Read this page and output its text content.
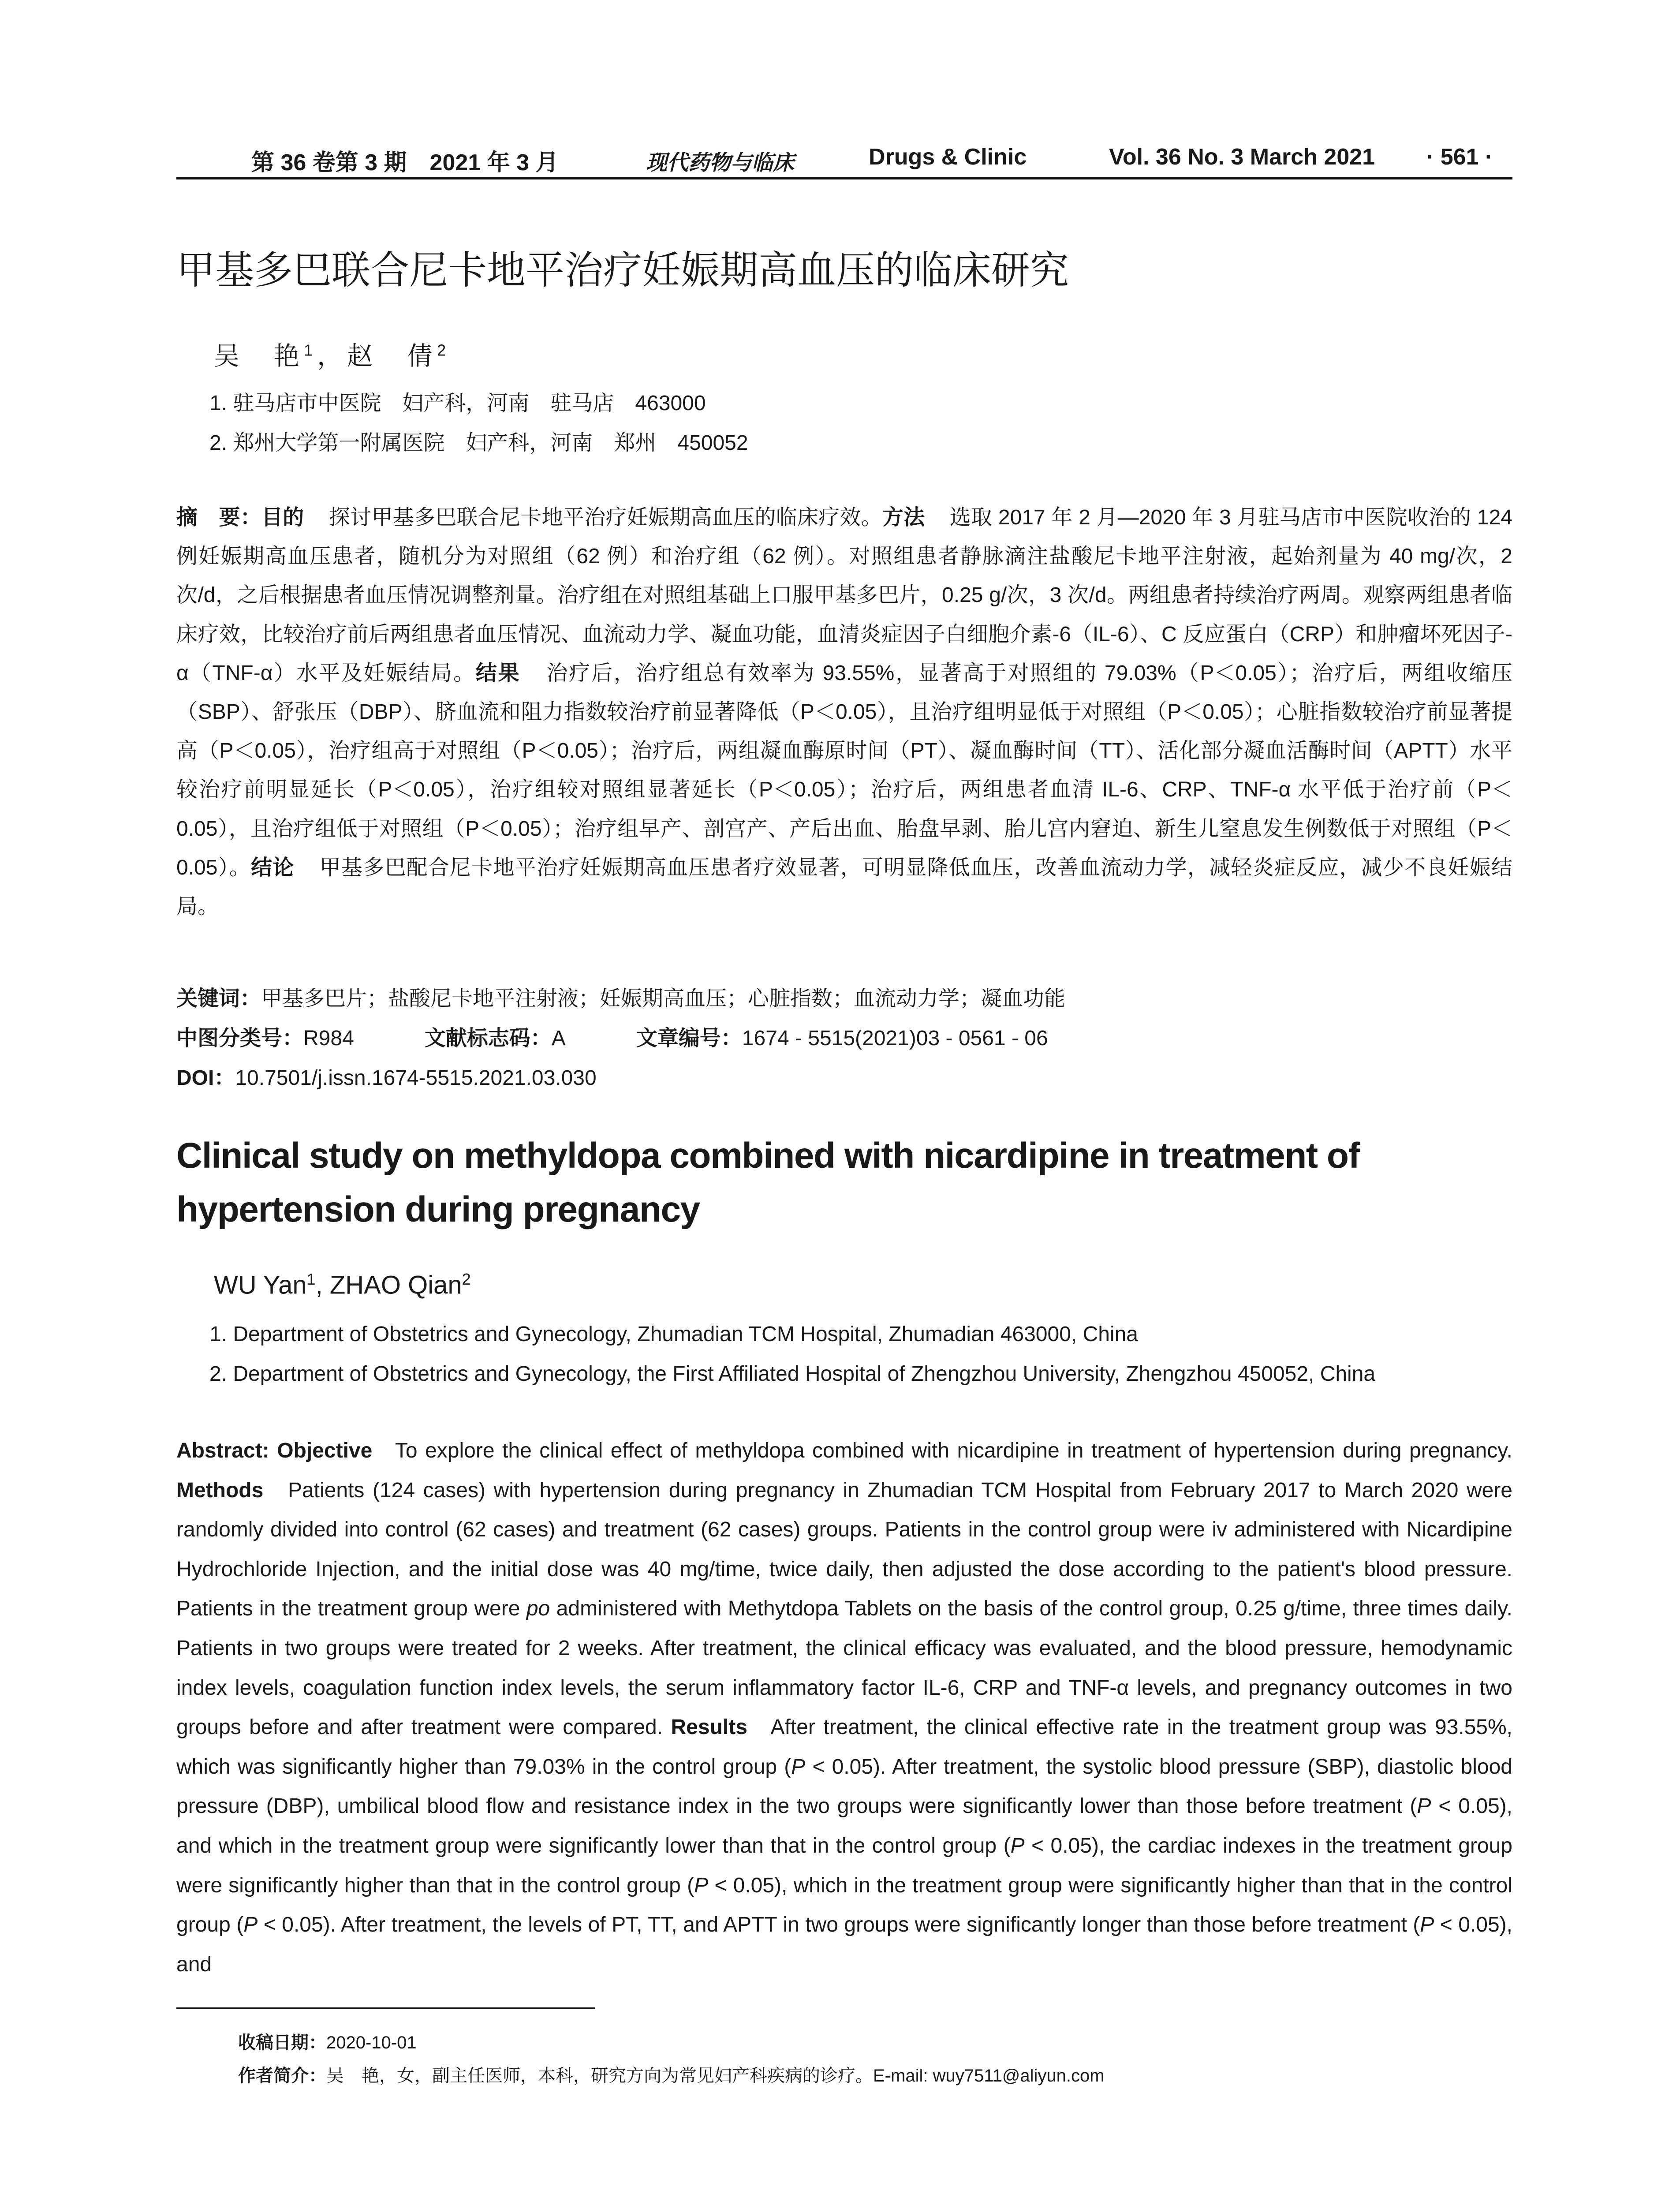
第 36 卷第 3 期　2021 年 3 月	现代药物与临床	Drugs & Clinic	Vol. 36 No. 3 March 2021 · 561 ·
甲基多巴联合尼卡地平治疗妊娠期高血压的临床研究
吴　艳$^1$，赵　倩$^2$
1. 驻马店市中医院　妇产科，河南　驻马店　463000
2. 郑州大学第一附属医院　妇产科，河南　郑州　450052

摘　要：目的 探讨甲基多巴联合尼卡地平治疗妊娠期高血压的临床疗效。方法 选取 2017 年 2 月—2020 年 3 月驻马店市中医院收治的 124 例妊娠期高血压患者，随机分为对照组（62 例）和治疗组（62 例）。对照组患者静脉滴注盐酸尼卡地平注射液，起始剂量为 40 mg/次，2 次/d，之后根据患者血压情况调整剂量。治疗组在对照组基础上口服甲基多巴片，0.25 g/次，3 次/d。两组患者持续治疗两周。观察两组患者临床疗效，比较治疗前后两组患者血压情况、血流动力学、凝血功能，血清炎症因子白细胞介素-6（IL-6）、C 反应蛋白（CRP）和肿瘤坏死因子-α（TNF-α）水平及妊娠结局。结果 治疗后，治疗组总有效率为 93.55%，显著高于对照组的 79.03%（P＜0.05）；治疗后，两组收缩压（SBP）、舒张压（DBP）、脐血流和阻力指数较治疗前显著降低（P＜0.05），且治疗组明显低于对照组（P＜0.05）；心脏指数较治疗前显著提高（P＜0.05），治疗组高于对照组（P＜0.05）；治疗后，两组凝血酶原时间（PT）、凝血酶时间（TT）、活化部分凝血活酶时间（APTT）水平较治疗前明显延长（P＜0.05），治疗组较对照组显著延长（P＜0.05）；治疗后，两组患者血清 IL-6、CRP、TNF-α 水平低于治疗前（P＜0.05），且治疗组低于对照组（P＜0.05）；治疗组早产、剖宫产、产后出血、胎盘早剥、胎儿宫内窘迫、新生儿窒息发生例数低于对照组（P＜0.05）。结论 甲基多巴配合尼卡地平治疗妊娠期高血压患者疗效显著，可明显降低血压，改善血流动力学，减轻炎症反应，减少不良妊娠结局。

关键词：甲基多巴片；盐酸尼卡地平注射液；妊娠期高血压；心脏指数；血流动力学；凝血功能
中图分类号：R984	文献标志码：A	文章编号：1674 - 5515(2021)03 - 0561 - 06
DOI：10.7501/j.issn.1674-5515.2021.03.030
Clinical study on methyldopa combined with nicardipine in treatment of hypertension during pregnancy
WU Yan$^1$, ZHAO Qian$^2$
1. Department of Obstetrics and Gynecology, Zhumadian TCM Hospital, Zhumadian 463000, China
2. Department of Obstetrics and Gynecology, the First Affiliated Hospital of Zhengzhou University, Zhengzhou 450052, China

Abstract: Objective To explore the clinical effect of methyldopa combined with nicardipine in treatment of hypertension during pregnancy. Methods Patients (124 cases) with hypertension during pregnancy in Zhumadian TCM Hospital from February 2017 to March 2020 were randomly divided into control (62 cases) and treatment (62 cases) groups. Patients in the control group were iv administered with Nicardipine Hydrochloride Injection, and the initial dose was 40 mg/time, twice daily, then adjusted the dose according to the patient's blood pressure. Patients in the treatment group were po administered with Methytdopa Tablets on the basis of the control group, 0.25 g/time, three times daily. Patients in two groups were treated for 2 weeks. After treatment, the clinical efficacy was evaluated, and the blood pressure, hemodynamic index levels, coagulation function index levels, the serum inflammatory factor IL-6, CRP and TNF-α levels, and pregnancy outcomes in two groups before and after treatment were compared. Results After treatment, the clinical effective rate in the treatment group was 93.55%, which was significantly higher than 79.03% in the control group (P < 0.05). After treatment, the systolic blood pressure (SBP), diastolic blood pressure (DBP), umbilical blood flow and resistance index in the two groups were significantly lower than those before treatment (P < 0.05), and which in the treatment group were significantly lower than that in the control group (P < 0.05), the cardiac indexes in the treatment group were significantly higher than that in the control group (P < 0.05), which in the treatment group were significantly higher than that in the control group (P < 0.05). After treatment, the levels of PT, TT, and APTT in two groups were significantly longer than those before treatment (P < 0.05), and

收稿日期：2020-10-01
作者简介：吴　艳，女，副主任医师，本科，研究方向为常见妇产科疾病的诊疗。E-mail: wuy7511@aliyun.com
